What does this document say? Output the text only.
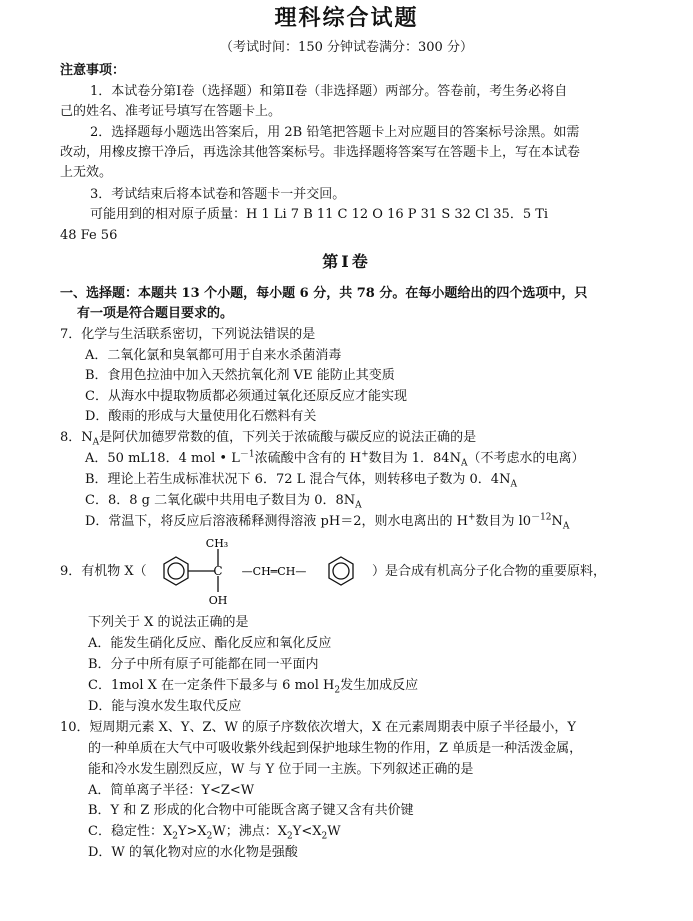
理科综合试题
（考试时间：150 分钟试卷满分：300 分）
注意事项：
1．本试卷分第Ⅰ卷（选择题）和第Ⅱ卷（非选择题）两部分。答卷前，考生务必将自
己的姓名、准考证号填写在答题卡上。
2．选择题每小题选出答案后，用 2B 铅笔把答题卡上对应题目的答案标号涂黑。如需
改动，用橡皮擦干净后，再选涂其他答案标号。非选择题将答案写在答题卡上，写在本试卷
上无效。
3．考试结束后将本试卷和答题卡一并交回。
可能用到的相对原子质量：H 1 Li 7 B 11 C 12 O 16 P 31 S 32 Cl 35．5 Ti
48 Fe 56
第Ⅰ卷
一、选择题：本题共 13 个小题，每小题 6 分，共 78 分。在每小题给出的四个选项中，只
有一项是符合题目要求的。
7．化学与生活联系密切，下列说法错误的是
A．二氧化氯和臭氧都可用于自来水杀菌消毒
B．食用色拉油中加入天然抗氧化剂 VE 能防止其变质
C．从海水中提取物质都必须通过氧化还原反应才能实现
D．酸雨的形成与大量使用化石燃料有关
8．$N_A$是阿伏加德罗常数的值，下列关于浓硫酸与碳反应的说法正确的是
A．50 mL18．4 mol • $L^{-1}$浓硫酸中含有的 H+数目为 1．$84N_A$（不考虑水的电离）
B．理论上若生成标准状况下 6．72 L 混合气体，则转移电子数为 0．$4N_A$
C．8．8 g 二氧化碳中共用电子数目为 0．$8N_A$
D．常温下，将反应后溶液稀释测得溶液 pH＝2，则水电离出的 H+数目为 $l0^{-12}N_A$
9．有机物 X（	C
CH₃
OH
—CH═CH—	）是合成有机高分子化合物的重要原料，
下列关于 X 的说法正确的是
A．能发生硝化反应、酯化反应和氧化反应
B．分子中所有原子可能都在同一平面内
C．1mol X 在一定条件下最多与 6 mol $H_2$发生加成反应
D．能与溴水发生取代反应
10．短周期元素 X、Y、Z、W 的原子序数依次增大，X 在元素周期表中原子半径最小，Y
的一种单质在大气中可吸收紫外线起到保护地球生物的作用，Z 单质是一种活泼金属，
能和冷水发生剧烈反应，W 与 Y 位于同一主族。下列叙述正确的是
A．简单离子半径：Y<Z<W
B．Y 和 Z 形成的化合物中可能既含离子键又含有共价键
C．稳定性：$X_2Y>X_2W$；沸点：$X_2Y<X_2W$
D．W 的氧化物对应的水化物是强酸
